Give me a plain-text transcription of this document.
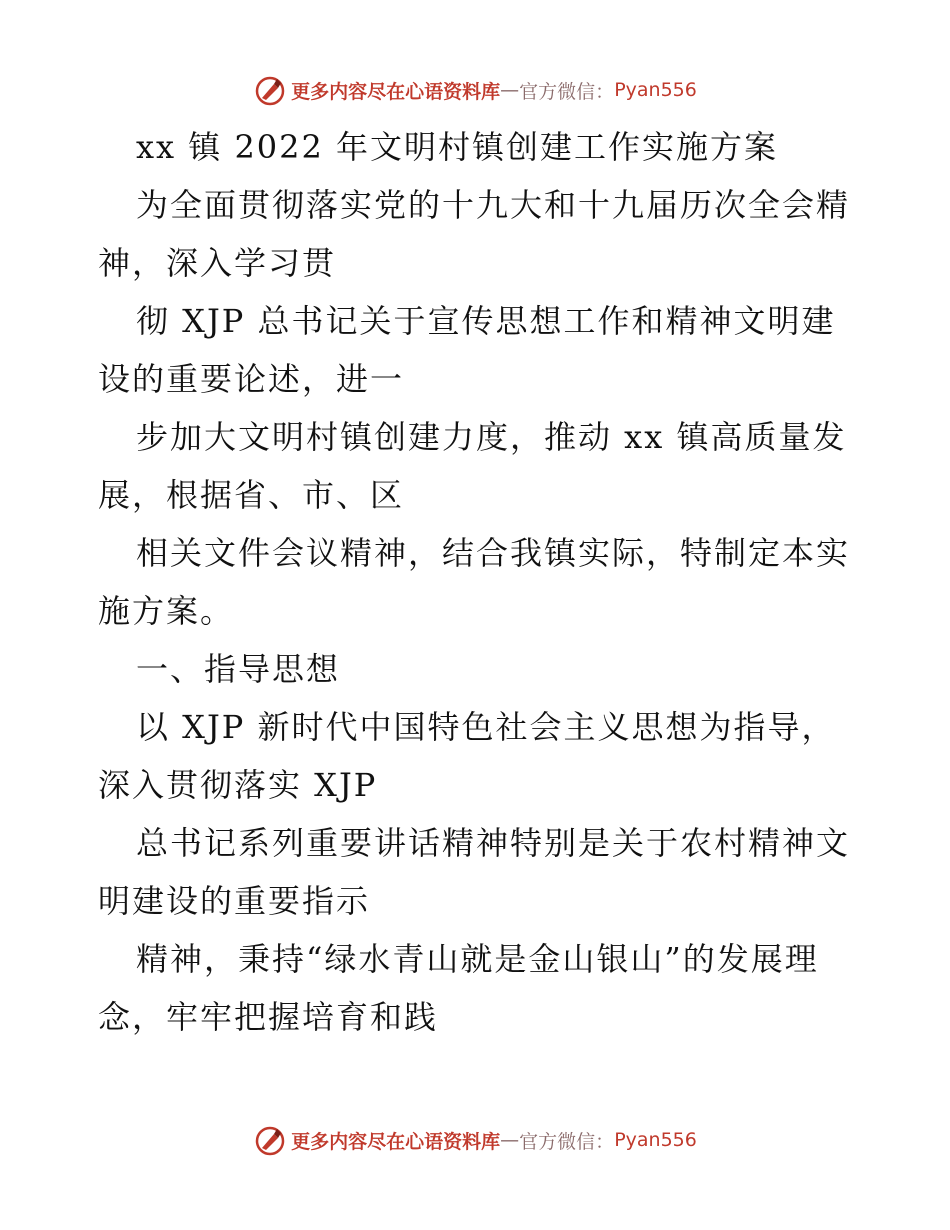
更多内容尽在心语资料库 — 官方微信： Pyan556
xx 镇 2022 年文明村镇创建工作实施方案
为全面贯彻落实党的十九大和十九届历次全会精
神，深入学习贯
彻 XJP 总书记关于宣传思想工作和精神文明建
设的重要论述，进一
步加大文明村镇创建力度，推动 xx 镇高质量发
展，根据省、市、区
相关文件会议精神，结合我镇实际，特制定本实
施方案。
一、指导思想
以 XJP 新时代中国特色社会主义思想为指导，
深入贯彻落实 XJP
总书记系列重要讲话精神特别是关于农村精神文
明建设的重要指示
精神，秉持“绿水青山就是金山银山”的发展理
念，牢牢把握培育和践
更多内容尽在心语资料库 — 官方微信： Pyan556
